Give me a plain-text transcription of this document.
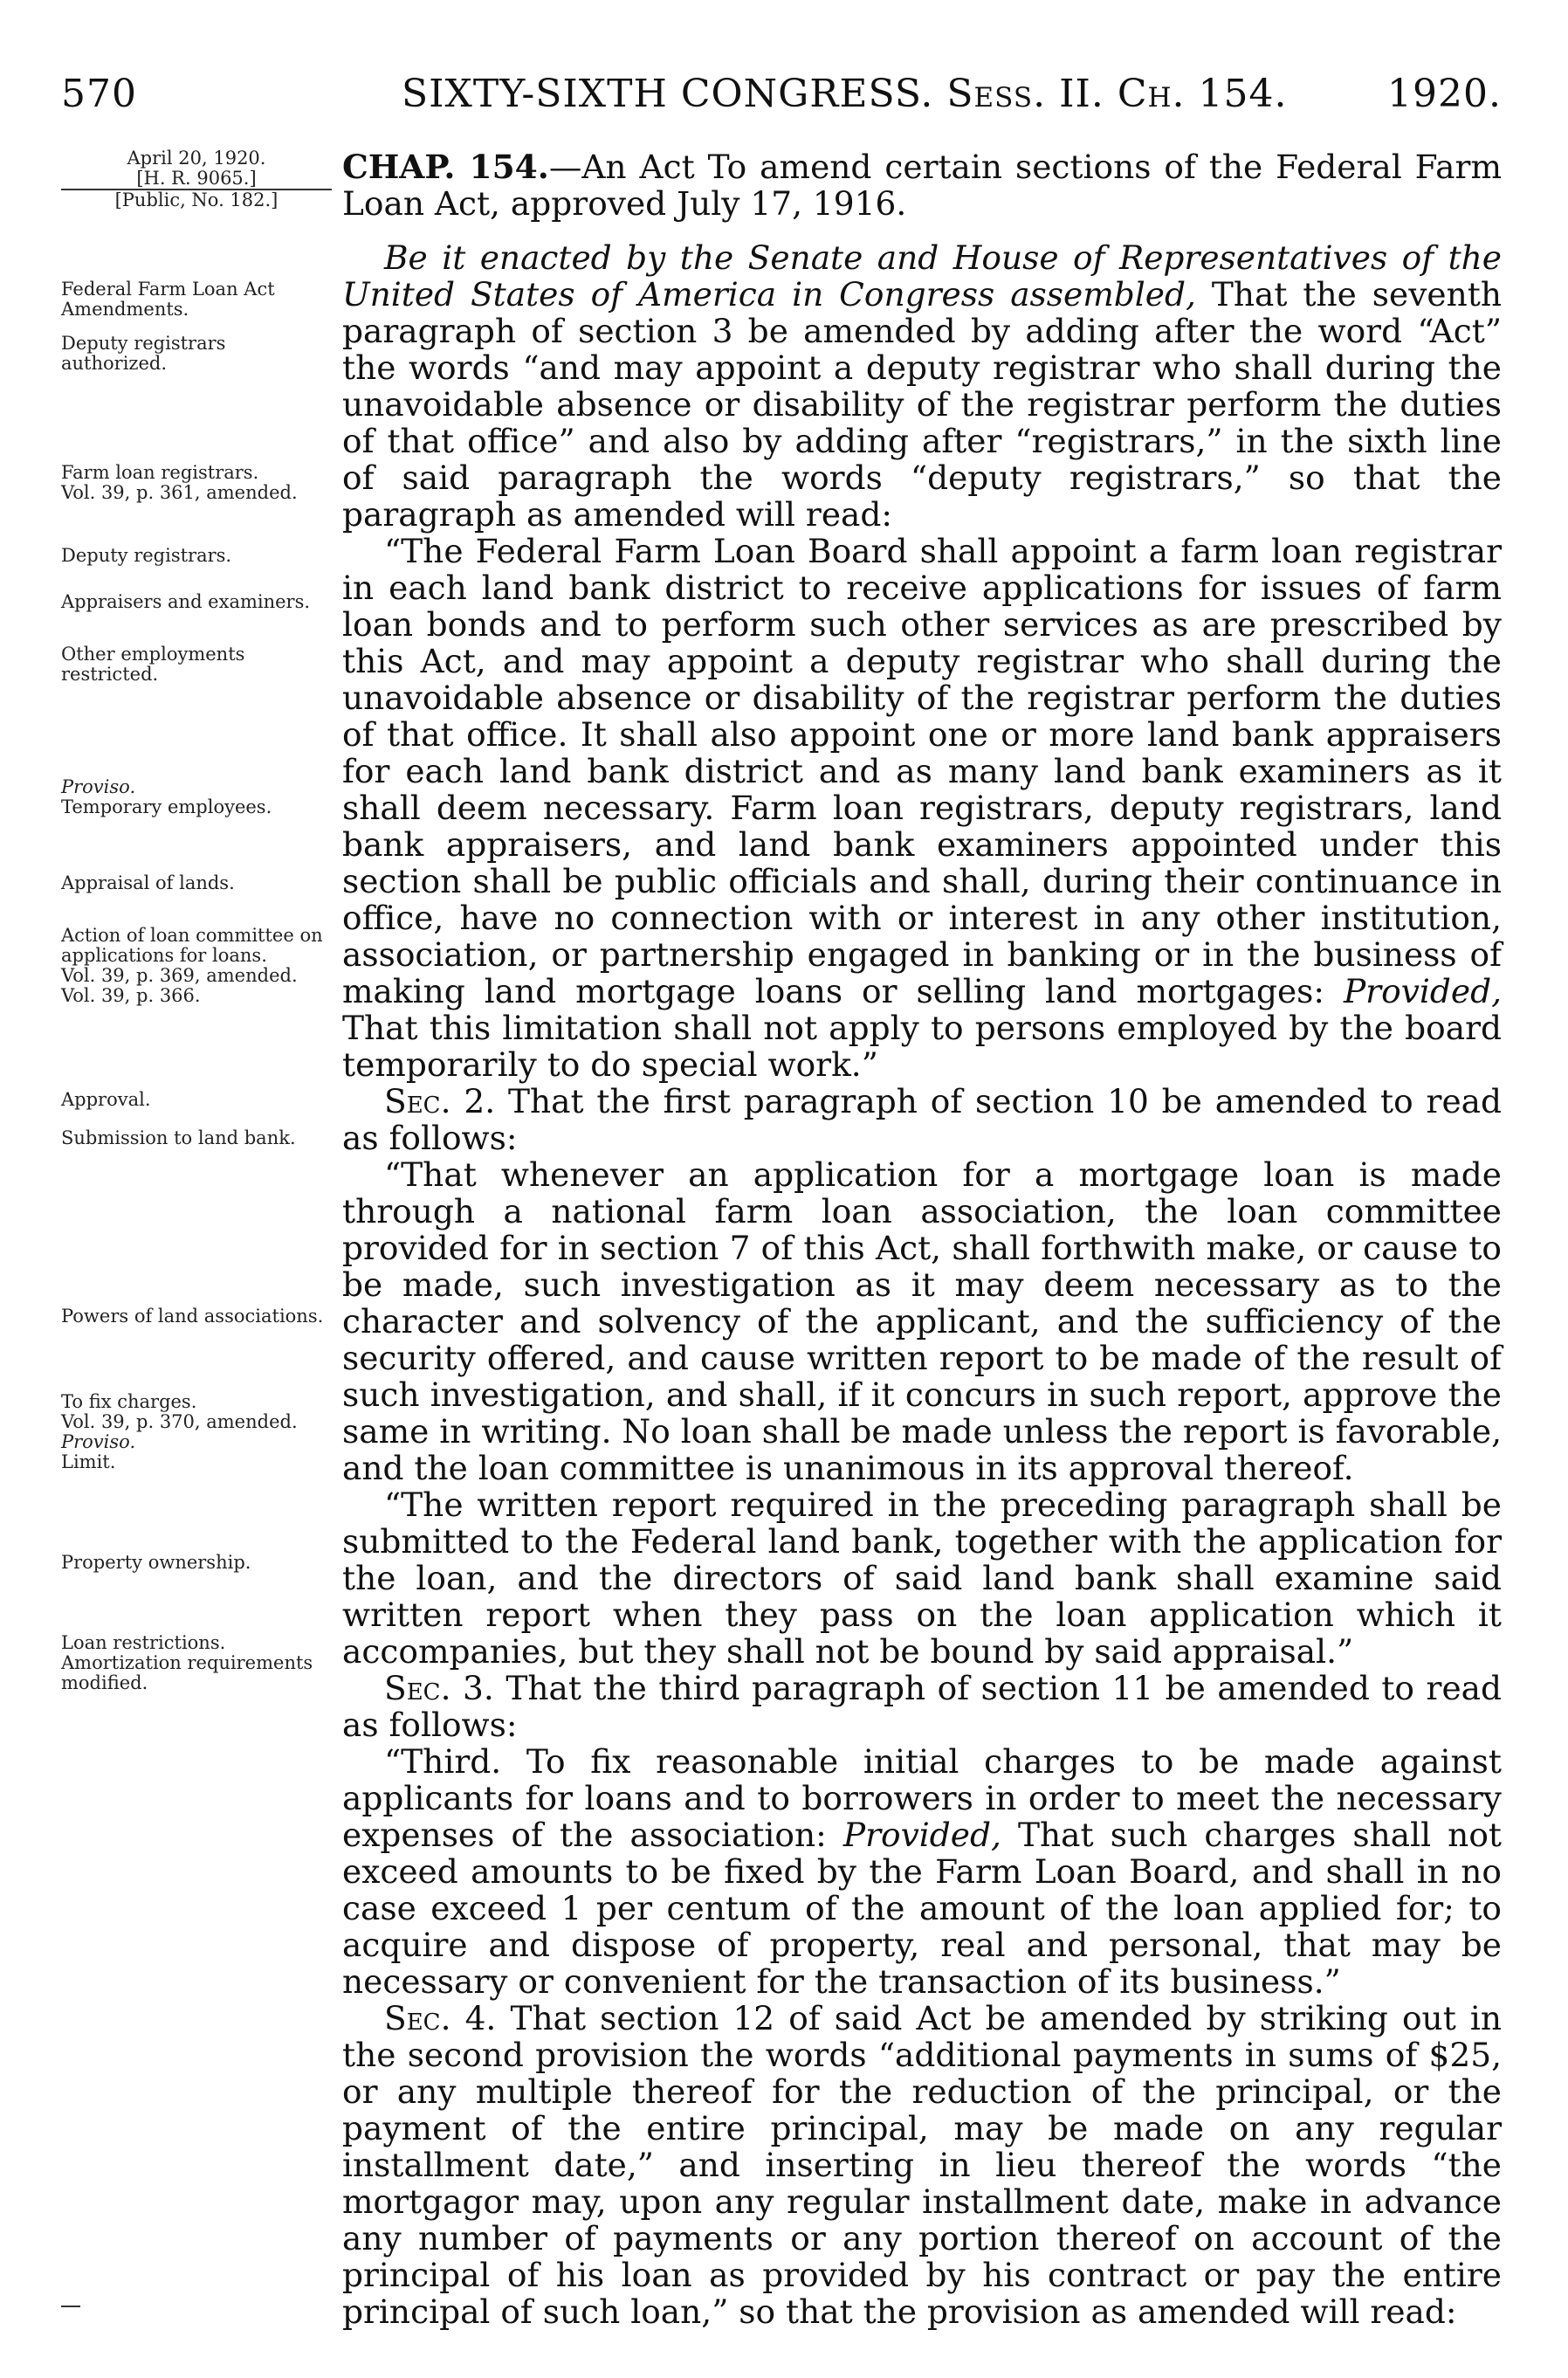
570	SIXTY-SIXTH CONGRESS. Sess. II. Ch. 154.	1920.
April 20, 1920.
[H. R. 9065.]
[Public, No. 182.]
Federal Farm Loan Act Amendments.
Deputy registrars authorized.
Farm loan registrars.
Vol. 39, p. 361, amended.
Deputy registrars.
Appraisers and examiners.
Other employments restricted.
Proviso.
Temporary employees.
Appraisal of lands.
Action of loan committee on applications for loans.
Vol. 39, p. 369, amended.
Vol. 39, p. 366.
Approval.
Submission to land bank.
Powers of land associations.
To fix charges.
Vol. 39, p. 370, amended.
Proviso.
Limit.
Property ownership.
Loan restrictions.
Amortization requirements modified.

CHAP. 154.—An Act To amend certain sections of the Federal Farm Loan Act, approved July 17, 1916.

Be it enacted by the Senate and House of Representatives of the United States of America in Congress assembled, That the seventh paragraph of section 3 be amended by adding after the word “Act” the words “and may appoint a deputy registrar who shall during the unavoidable absence or disability of the registrar perform the duties of that office” and also by adding after “registrars,” in the sixth line of said paragraph the words “deputy registrars,” so that the paragraph as amended will read:

“The Federal Farm Loan Board shall appoint a farm loan registrar in each land bank district to receive applications for issues of farm loan bonds and to perform such other services as are prescribed by this Act, and may appoint a deputy registrar who shall during the unavoidable absence or disability of the registrar perform the duties of that office. It shall also appoint one or more land bank appraisers for each land bank district and as many land bank examiners as it shall deem necessary. Farm loan registrars, deputy registrars, land bank appraisers, and land bank examiners appointed under this section shall be public officials and shall, during their continuance in office, have no connection with or interest in any other institution, association, or partnership engaged in banking or in the business of making land mortgage loans or selling land mortgages: Provided, That this limitation shall not apply to persons employed by the board temporarily to do special work.”

Sec. 2. That the first paragraph of section 10 be amended to read as follows:

“That whenever an application for a mortgage loan is made through a national farm loan association, the loan committee provided for in section 7 of this Act, shall forthwith make, or cause to be made, such investigation as it may deem necessary as to the character and solvency of the applicant, and the sufficiency of the security offered, and cause written report to be made of the result of such investigation, and shall, if it concurs in such report, approve the same in writing. No loan shall be made unless the report is favorable, and the loan committee is unanimous in its approval thereof.

“The written report required in the preceding paragraph shall be submitted to the Federal land bank, together with the application for the loan, and the directors of said land bank shall examine said written report when they pass on the loan application which it accompanies, but they shall not be bound by said appraisal.”

Sec. 3. That the third paragraph of section 11 be amended to read as follows:

“Third. To fix reasonable initial charges to be made against applicants for loans and to borrowers in order to meet the necessary expenses of the association: Provided, That such charges shall not exceed amounts to be fixed by the Farm Loan Board, and shall in no case exceed 1 per centum of the amount of the loan applied for; to acquire and dispose of property, real and personal, that may be necessary or convenient for the transaction of its business.”

Sec. 4. That section 12 of said Act be amended by striking out in the second provision the words “additional payments in sums of $25, or any multiple thereof for the reduction of the principal, or the payment of the entire principal, may be made on any regular installment date,” and inserting in lieu thereof the words “the mortgagor may, upon any regular installment date, make in advance any number of payments or any portion thereof on account of the principal of his loan as provided by his contract or pay the entire principal of such loan,” so that the provision as amended will read:
